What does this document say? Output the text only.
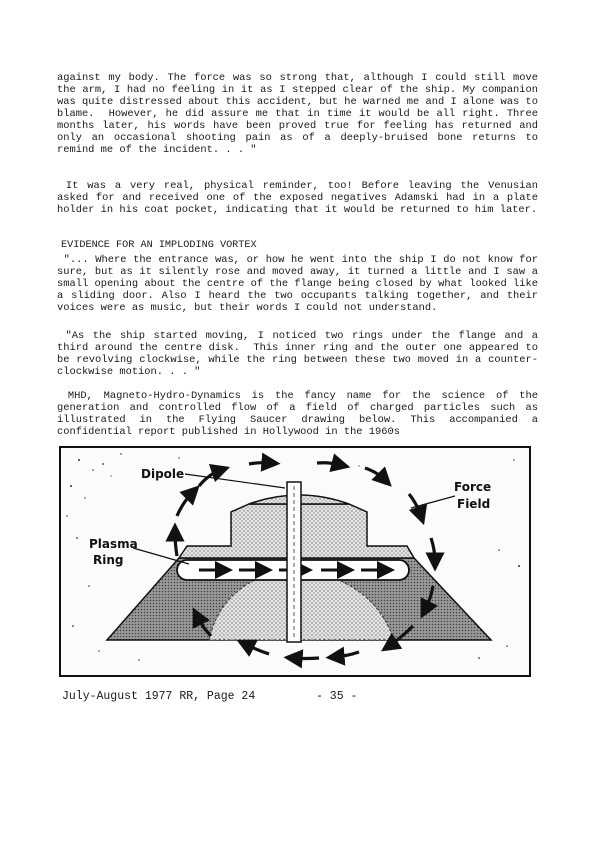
against my body. The force was so strong that, although I could still move the arm, I had no feeling in it as I stepped clear of the ship. My companion was quite distressed about this accident, but he warned me and I alone was to blame.  However, he did assure me that in time it would be all right. Three months later, his words have been proved true for feeling has returned and only an occasional shooting pain as of a deeply-bruised bone returns to remind me of the incident. . . "

It was a very real, physical reminder, too! Before leaving the Venusian asked for and received one of the exposed negatives Adamski had in a plate holder in his coat pocket, indicating that it would be returned to him later.

EVIDENCE FOR AN IMPLODING VORTEX

"... Where the entrance was, or how he went into the ship I do not know for sure, but as it silently rose and moved away, it turned a little and I saw a small opening about the centre of the flange being closed by what looked like a sliding door. Also I heard the two occupants talking together, and their voices were as music, but their words I could not understand.

"As the ship started moving, I noticed two rings under the flange and a third around the centre disk.  This inner ring and the outer one appeared to be revolving clockwise, while the ring between these two moved in a counter-clockwise motion. . . "

MHD, Magneto-Hydro-Dynamics is the fancy name for the science of the generation and controlled flow of a field of charged particles such as illustrated in the Flying Saucer drawing below. This accompanied a confidential report published in Hollywood in the 1960s

Dipole
Force
Field
Plasma
Ring
July-August 1977 RR, Page 24	- 35 -
